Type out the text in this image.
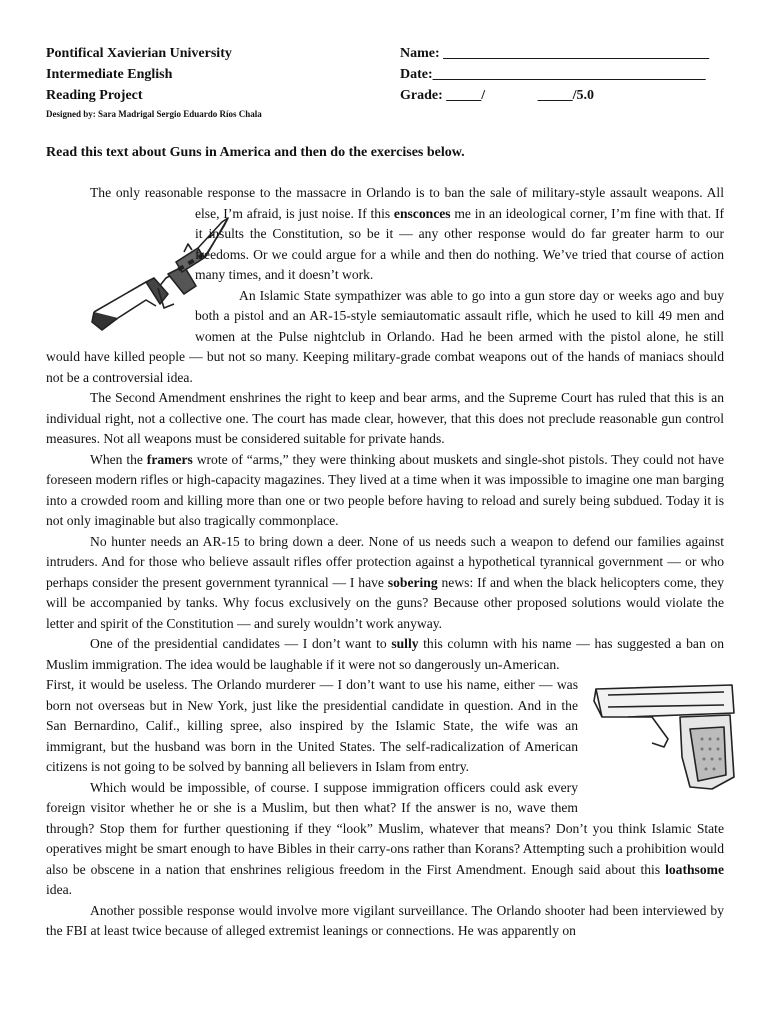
Pontifical Xavierian University	Name: ______________________________________
Intermediate English	Date:_______________________________________
Reading Project	Grade: _____/               _____/5.0
Designed by: Sara Madrigal Sergio Eduardo Ríos Chala
Read this text about Guns in America and then do the exercises below.

The only reasonable response to the massacre in Orlando is to ban the sale of military-style assault weapons. All else, I’m afraid, is just noise. If this ensconces
me in an ideological corner, I’m fine with that. If it insults the Constitution, so be it — any other response would do far greater harm to our freedoms. Or we could argue for a while and then do nothing. We’ve tried that course of action many times, and it doesn’t work.

An Islamic State sympathizer was able to go into a gun store day or weeks ago and buy both a pistol and an AR-15-style semiautomatic assault rifle, which he used to kill 49 men and women at the Pulse nightclub in Orlando. Had he been armed with the pistol alone, he still would have killed people — but not so many. Keeping military-grade combat weapons out of the hands of maniacs should not be a controversial idea.

The Second Amendment enshrines the right to keep and bear arms, and the Supreme Court has ruled that this is an individual right, not a collective one. The court has made clear, however, that this does not preclude reasonable gun control measures. Not all weapons must be considered suitable for private hands.

When the framers wrote of “arms,” they were thinking about muskets and single-shot pistols. They could not have foreseen modern rifles or high-capacity magazines. They lived at a time when it was impossible to imagine one man barging into a crowded room and killing more than one or two people before having to reload and surely being subdued. Today it is not only imaginable but also tragically commonplace.

No hunter needs an AR-15 to bring down a deer. None of us needs such a weapon to defend our families against intruders. And for those who believe assault rifles offer protection against a hypothetical tyrannical government — or who perhaps consider the present government tyrannical — I have sobering news: If and when the black helicopters come, they will be accompanied by tanks. Why focus exclusively on the guns? Because other proposed solutions would violate the letter and spirit of the Constitution — and surely wouldn’t work anyway.

One of the presidential candidates — I don’t want to sully this column with his name — has suggested a ban on Muslim immigration. The idea would be laughable if it were not so dangerously un-American.

First, it would be useless. The Orlando murderer — I don’t want to use his name, either — was born not overseas but in New York, just like the presidential candidate in question. And in the San Bernardino, Calif., killing spree, also inspired by the Islamic State, the wife was an immigrant, but the husband was born in the United States. The self-radicalization of American citizens is not going to be solved by banning all believers in Islam from entry.

Which would be impossible, of course. I suppose immigration officers could ask every foreign visitor whether he or she is a Muslim, but then what? If the answer is no, wave them through? Stop them for further questioning if they “look” Muslim, whatever that means? Don’t you think Islamic State operatives might be smart enough to have Bibles in their carry-ons rather than Korans? Attempting such a prohibition would also be obscene in a nation that enshrines religious freedom in the First Amendment. Enough said about this loathsome idea.

Another possible response would involve more vigilant surveillance. The Orlando shooter had been interviewed by the FBI at least twice because of alleged extremist leanings or connections. He was apparently on
